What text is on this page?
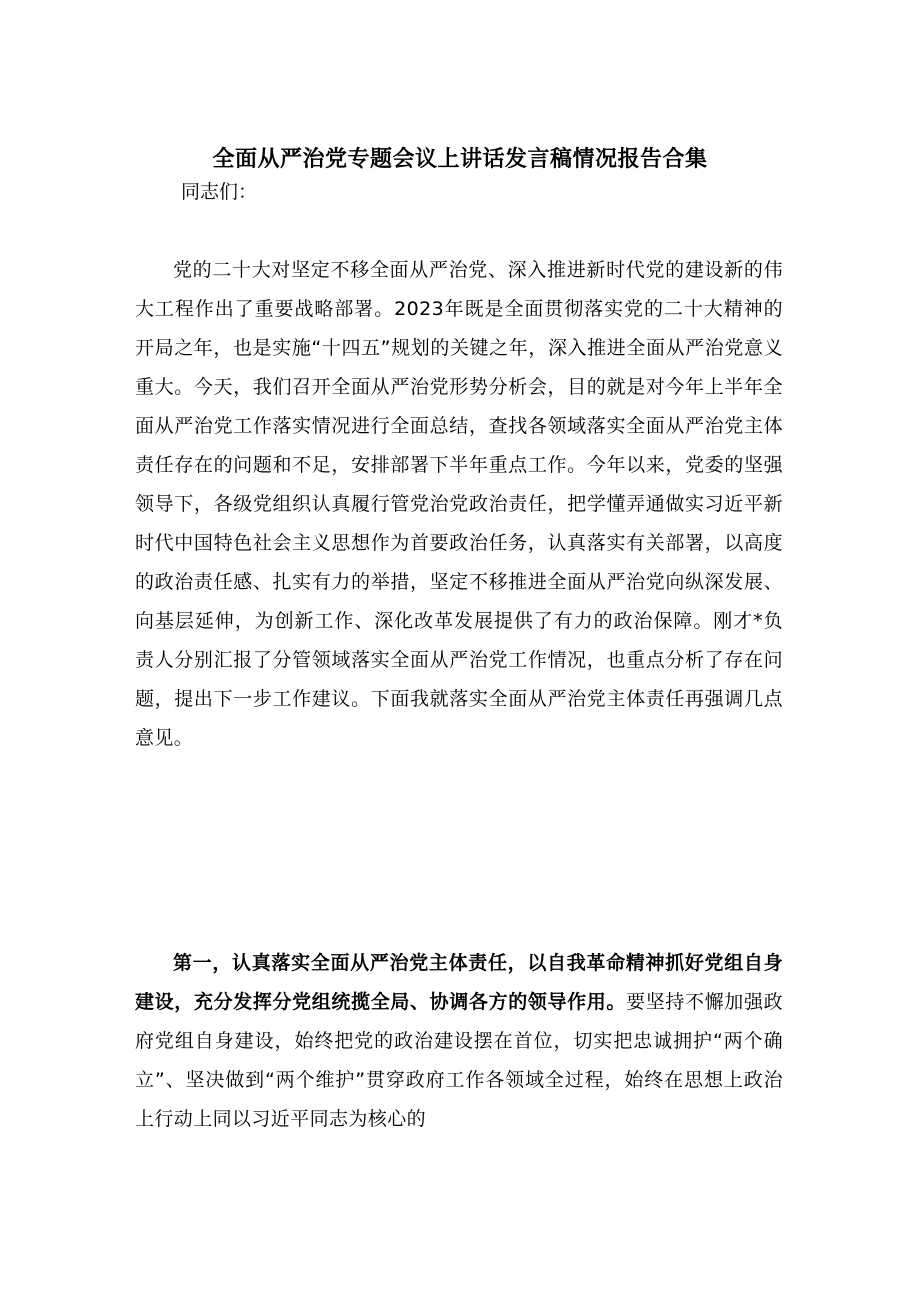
全面从严治党专题会议上讲话发言稿情况报告合集
同志们：
党的二十大对坚定不移全面从严治党、深入推进新时代党的建设新的伟大工程作出了重要战略部署。2023年既是全面贯彻落实党的二十大精神的开局之年，也是实施“十四五”规划的关键之年，深入推进全面从严治党意义重大。今天，我们召开全面从严治党形势分析会，目的就是对今年上半年全面从严治党工作落实情况进行全面总结，查找各领域落实全面从严治党主体责任存在的问题和不足，安排部署下半年重点工作。今年以来，党委的坚强领导下，各级党组织认真履行管党治党政治责任，把学懂弄通做实习近平新时代中国特色社会主义思想作为首要政治任务，认真落实有关部署，以高度的政治责任感、扎实有力的举措，坚定不移推进全面从严治党向纵深发展、向基层延伸，为创新工作、深化改革发展提供了有力的政治保障。刚才*负责人分别汇报了分管领域落实全面从严治党工作情况，也重点分析了存在问题，提出下一步工作建议。下面我就落实全面从严治党主体责任再强调几点意见。
第一，认真落实全面从严治党主体责任，以自我革命精神抓好党组自身建设，充分发挥分党组统揽全局、协调各方的领导作用。要坚持不懈加强政府党组自身建设，始终把党的政治建设摆在首位，切实把忠诚拥护“两个确立”、坚决做到“两个维护”贯穿政府工作各领域全过程，始终在思想上政治上行动上同以习近平同志为核心的
